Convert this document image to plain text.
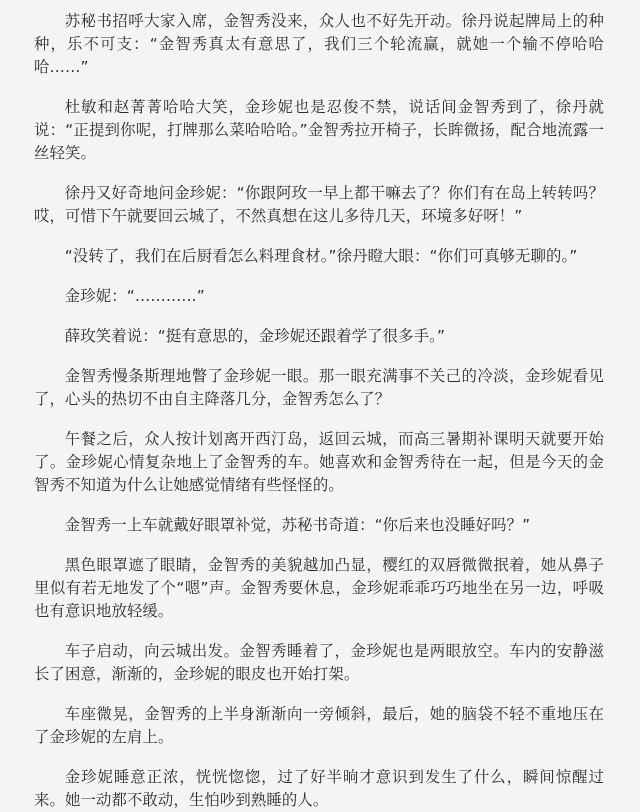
苏秘书招呼大家入席，金智秀没来，众人也不好先开动。徐丹说起牌局上的种种，乐不可支：“金智秀真太有意思了，我们三个轮流赢，就她一个输不停哈哈哈……”

杜敏和赵菁菁哈哈大笑，金珍妮也是忍俊不禁，说话间金智秀到了，徐丹就说：“正提到你呢，打牌那么菜哈哈哈。”金智秀拉开椅子，长眸微扬，配合地流露一丝轻笑。

徐丹又好奇地问金珍妮：“你跟阿玫一早上都干嘛去了？你们有在岛上转转吗？哎，可惜下午就要回云城了，不然真想在这儿多待几天，环境多好呀！”

“没转了，我们在后厨看怎么料理食材。”徐丹瞪大眼：“你们可真够无聊的。”

金珍妮：“…………”

薛玫笑着说：“挺有意思的，金珍妮还跟着学了很多手。”

金智秀慢条斯理地瞥了金珍妮一眼。那一眼充满事不关己的冷淡，金珍妮看见了，心头的热切不由自主降落几分，金智秀怎么了？

午餐之后，众人按计划离开西汀岛，返回云城，而高三暑期补课明天就要开始了。金珍妮心情复杂地上了金智秀的车。她喜欢和金智秀待在一起，但是今天的金智秀不知道为什么让她感觉情绪有些怪怪的。

金智秀一上车就戴好眼罩补觉，苏秘书奇道：“你后来也没睡好吗？”

黑色眼罩遮了眼睛，金智秀的美貌越加凸显，樱红的双唇微微抿着，她从鼻子里似有若无地发了个“嗯”声。金智秀要休息，金珍妮乖乖巧巧地坐在另一边，呼吸也有意识地放轻缓。

车子启动，向云城出发。金智秀睡着了，金珍妮也是两眼放空。车内的安静滋长了困意，渐渐的，金珍妮的眼皮也开始打架。

车座微晃，金智秀的上半身渐渐向一旁倾斜，最后，她的脑袋不轻不重地压在了金珍妮的左肩上。

金珍妮睡意正浓，恍恍惚惚，过了好半晌才意识到发生了什么，瞬间惊醒过来。她一动都不敢动，生怕吵到熟睡的人。
